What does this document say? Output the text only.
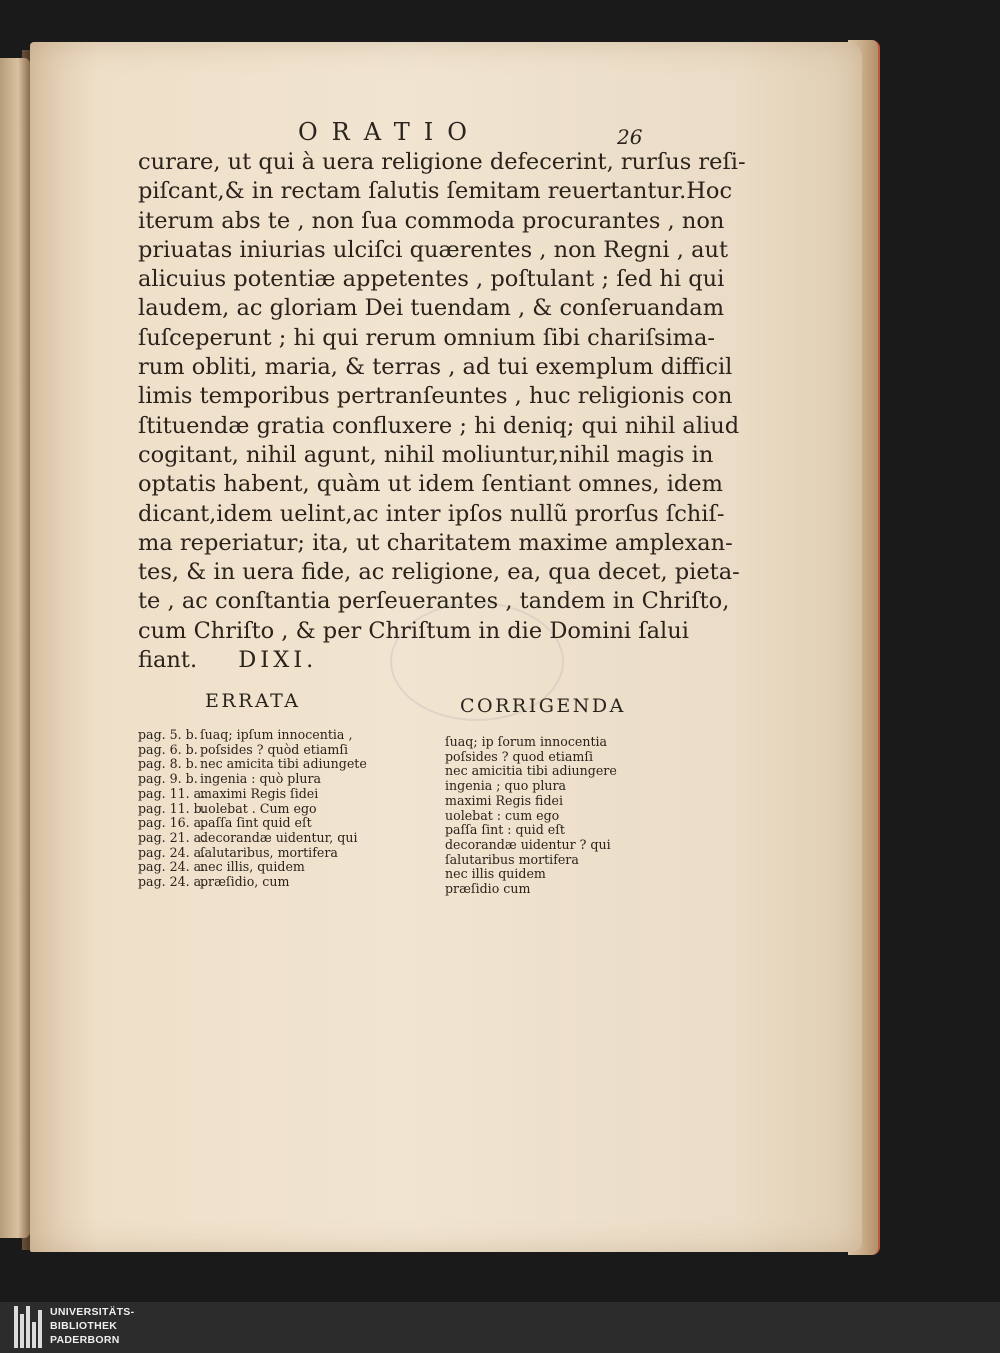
ORATIO	26
curare, ut qui à uera religione defecerint, rurſus reſi-
piſcant,& in rectam ſalutis ſemitam reuertantur.Hoc
iterum abs te , non ſua commoda procurantes , non
priuatas iniurias ulciſci quærentes , non Regni , aut
alicuius potentiæ appetentes , poſtulant ; ſed hi qui
laudem, ac gloriam Dei tuendam , & conſeruandam
ſuſceperunt ; hi qui rerum omnium ſibi chariſsima-
rum obliti, maria, & terras , ad tui exemplum difficil
limis temporibus pertranſeuntes , huc religionis con
ſtituendæ gratia confluxere ; hi deniq; qui nihil aliud
cogitant, nihil agunt, nihil moliuntur,nihil magis in
optatis habent, quàm ut idem ſentiant omnes, idem
dicant,idem uelint,ac inter ipſos nullũ prorſus ſchiſ-
ma reperiatur; ita, ut charitatem maxime amplexan-
tes, & in uera fide, ac religione, ea, qua decet, pieta-
te , ac conſtantia perſeuerantes , tandem in Chriſto,
cum Chriſto , & per Chriſtum in die Domini ſalui
fiant. DIXI.
ERRATA	CORRIGENDA
pag. 5. b. ſuaq; ipſum innocentia ,
pag. 6. b. poſsides ? quòd etiamſi
pag. 8. b. nec amicita tibi adiungete
pag. 9. b. ingenia : quò plura
pag. 11. a.maximi Regis ſidei
pag. 11. b.uolebat . Cum ego
pag. 16. a.paſſa ſint quid eſt
pag. 21. a.decorandæ uidentur, qui
pag. 24. a.ſalutaribus, mortifera
pag. 24. a.nec illis, quidem
pag. 24. a.præſidio, cum
ſuaq; ip ſorum innocentia
poſsides ? quod etiamſi
nec amicitia tibi adiungere
ingenia ; quo plura
maximi Regis fidei
uolebat : cum ego
paſſa ſint : quid eſt
decorandæ uidentur ? qui
ſalutaribus mortifera
nec illis quidem
præſidio cum
UNIVERSITÄTS-
BIBLIOTHEK
PADERBORN
